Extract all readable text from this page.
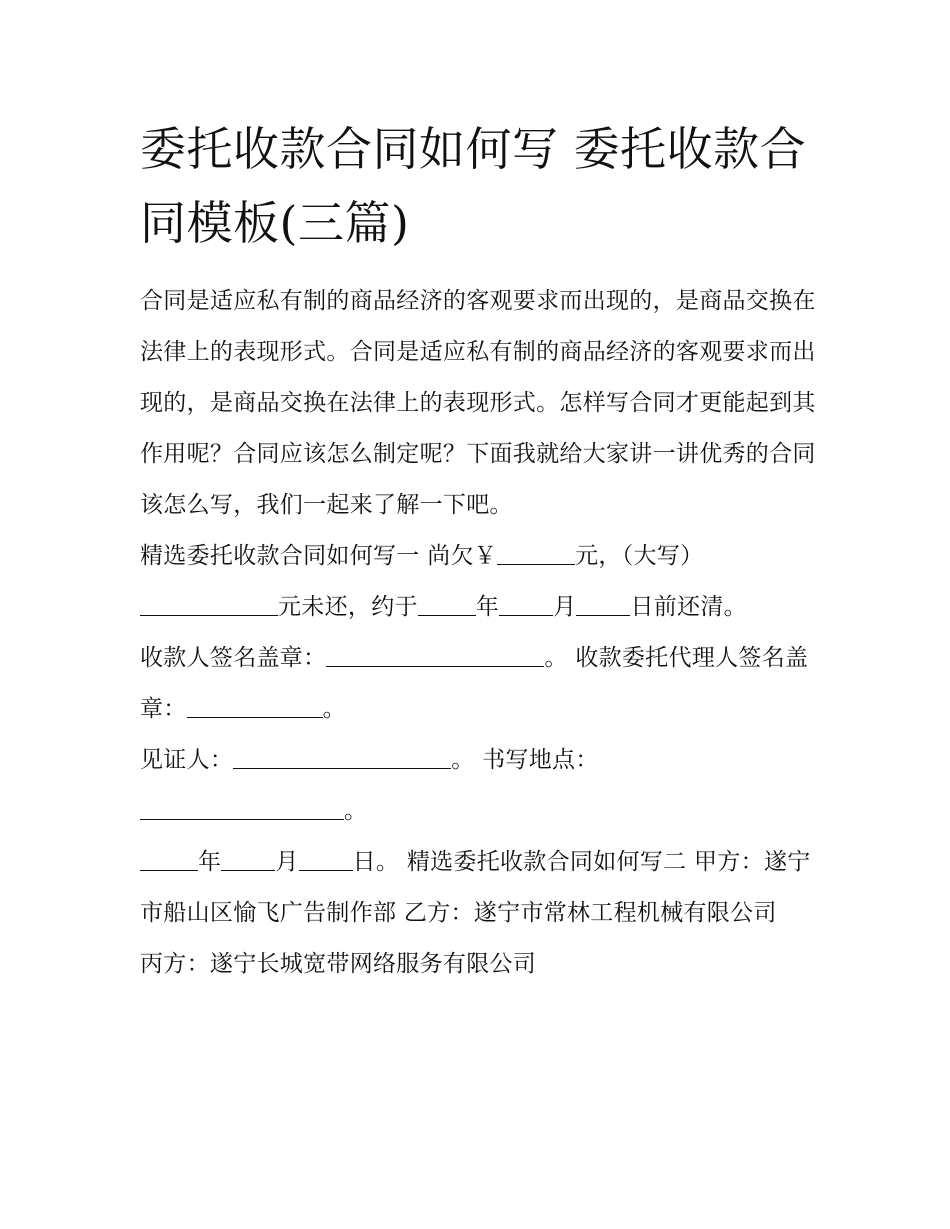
委托收款合同如何写 委托收款合同模板(三篇)

合同是适应私有制的商品经济的客观要求而出现的，是商品交换在法律上的表现形式。合同是适应私有制的商品经济的客观要求而出现的，是商品交换在法律上的表现形式。怎样写合同才更能起到其作用呢？合同应该怎么制定呢？下面我就给大家讲一讲优秀的合同该怎么写，我们一起来了解一下吧。

精选委托收款合同如何写一 尚欠￥	元，（大写）元未还，约于	年 月 日前还清。

收款人签名盖章：	。 收款委托代理人签名盖章：	。

见证人：	。 书写地点：
。

年 月 日。 精选委托收款合同如何写二 甲方：遂宁市船山区愉飞广告制作部 乙方：遂宁市常林工程机械有限公司

丙方：遂宁长城宽带网络服务有限公司
